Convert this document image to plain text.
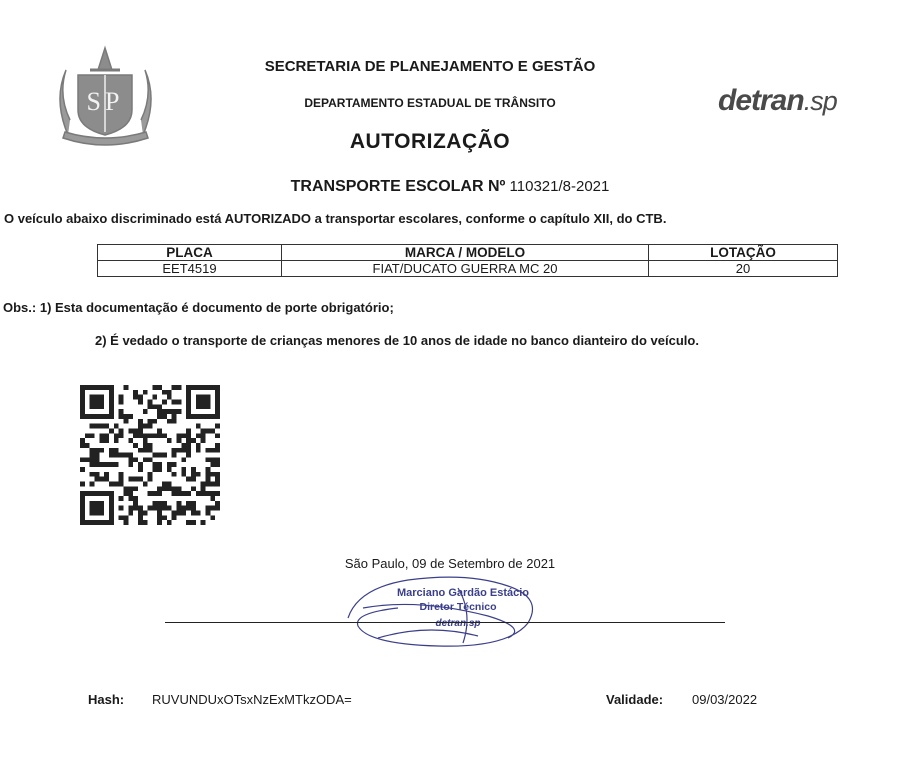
SP
SECRETARIA DE PLANEJAMENTO E GESTÃO
DEPARTAMENTO ESTADUAL DE TRÂNSITO
AUTORIZAÇÃO
detran.sp
TRANSPORTE ESCOLAR Nº 110321/8-2021
O veículo abaixo discriminado está AUTORIZADO a transportar escolares, conforme o capítulo XII, do CTB.
PLACA	MARCA / MODELO	LOTAÇÃO
EET4519	FIAT/DUCATO GUERRA MC 20	20
Obs.: 1) Esta documentação é documento de porte obrigatório;
2) É vedado o transporte de crianças menores de 10 anos de idade no banco dianteiro do veículo.
São Paulo, 09 de Setembro de 2021
Marciano Gardão Estácio
Diretor Técnico
detran.sp
Hash: RUVUNDUxOTsxNzExMTkzODA=	Validade: 09/03/2022
